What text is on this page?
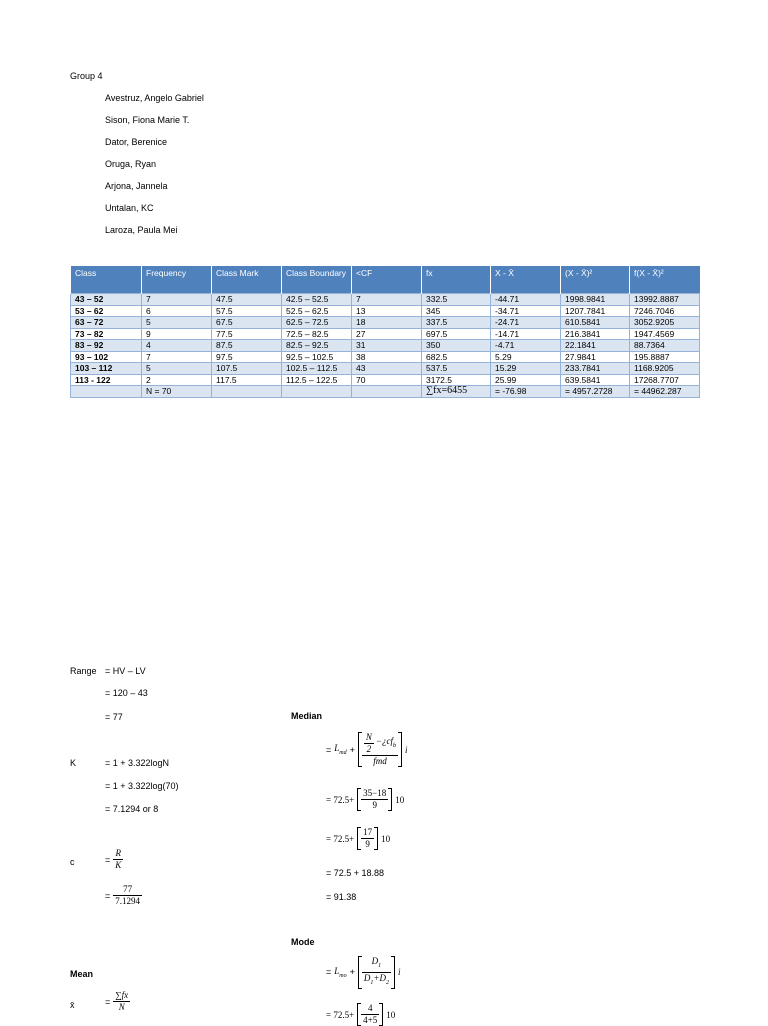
Group 4
Avestruz, Angelo Gabriel
Sison, Fiona Marie T.
Dator, Berenice
Oruga, Ryan
Arjona, Jannela
Untalan, KC
Laroza, Paula Mei
Class	Frequency	Class Mark	Class Boundary	<CF	fx	X - X̄	(X - X̄)²	f(X - X̄)²
43 – 52	7	47.5	42.5 – 52.5	7	332.5	-44.71	1998.9841	13992.8887
53 – 62	6	57.5	52.5 – 62.5	13	345	-34.71	1207.7841	7246.7046
63 – 72	5	67.5	62.5 – 72.5	18	337.5	-24.71	610.5841	3052.9205
73 – 82	9	77.5	72.5 – 82.5	27	697.5	-14.71	216.3841	1947.4569
83 – 92	4	87.5	82.5 – 92.5	31	350	-4.71	22.1841	88.7364
93 – 102	7	97.5	92.5 – 102.5	38	682.5	5.29	27.9841	195.8887
103 – 112	5	107.5	102.5 – 112.5	43	537.5	15.29	233.7841	1168.9205
113 - 122	2	117.5	112.5 – 122.5	70	3172.5	25.99	639.5841	17268.7707
	N = 70				∑fx=6455	= -76.98	= 4957.2728	= 44962.287
Range = HV – LV
= 120 – 43
= 77
K	= 1 + 3.322logN
= 1 + 3.322log(70)
= 7.1294 or 8
c	= $\frac{R}{K}$
= $\frac{77}{7.1294}$
Mean
x̄	= $\frac{\sum fx}{N}$
Median
= $L_{md} + \frac{\frac{N}{2} -¿cf_b}{\text{fmd}}$ i
= $72.5+ \frac{35-18}{9} 10$
= $72.5+ \frac{17}{9} 10$
= 72.5 + 18.88
= 91.38
Mode
= $L_{mo} + \frac{D_1}{D_1+D_2}$ i
= $72.5+ \frac{4}{4+5} 10$
